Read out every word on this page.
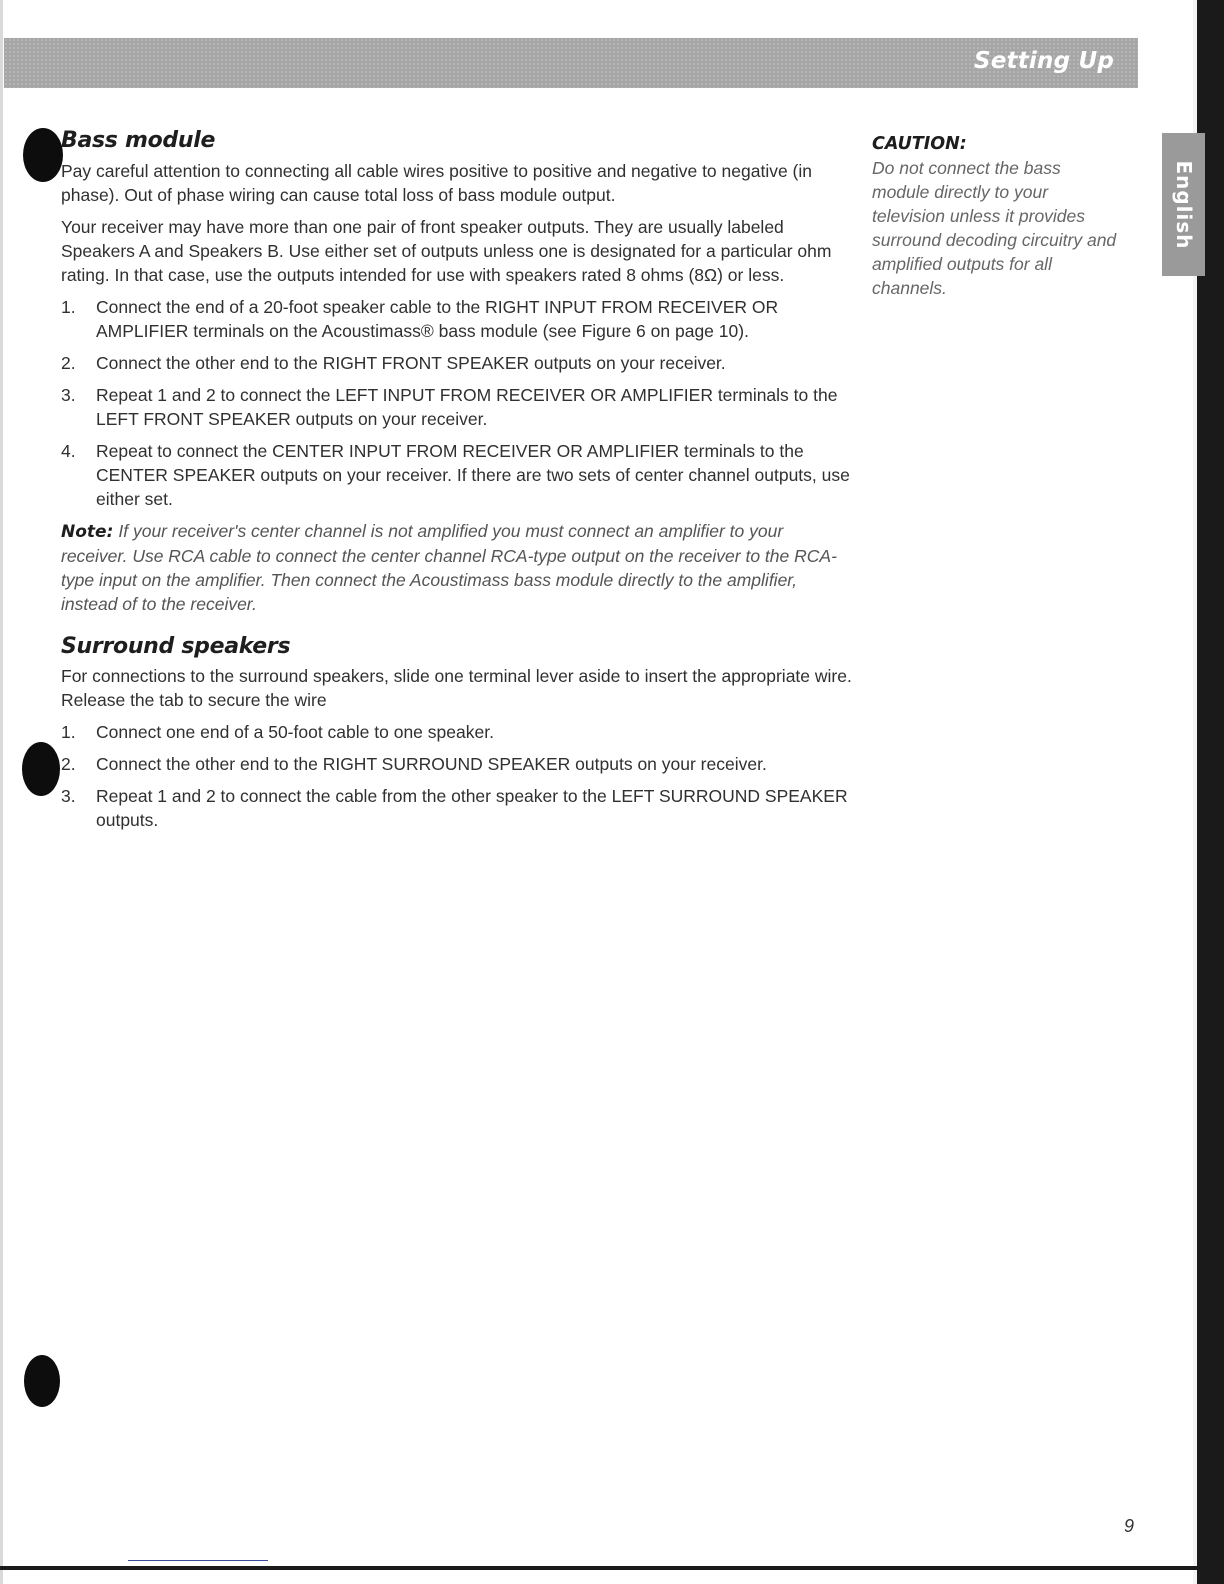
Setting Up
English
Bass module

Pay careful attention to connecting all cable wires positive to positive and negative to negative (in phase). Out of phase wiring can cause total loss of bass module output.

Your receiver may have more than one pair of front speaker outputs. They are usually labeled Speakers A and Speakers B. Use either set of outputs unless one is designated for a particular ohm rating. In that case, use the outputs intended for use with speakers rated 8 ohms (8Ω) or less.

1. Connect the end of a 20-foot speaker cable to the RIGHT INPUT FROM RECEIVER OR AMPLIFIER terminals on the Acoustimass® bass module (see Figure 6 on page 10).
2. Connect the other end to the RIGHT FRONT SPEAKER outputs on your receiver.
3. Repeat 1 and 2 to connect the LEFT INPUT FROM RECEIVER OR AMPLIFIER terminals to the LEFT FRONT SPEAKER outputs on your receiver.
4. Repeat to connect the CENTER INPUT FROM RECEIVER OR AMPLIFIER terminals to the CENTER SPEAKER outputs on your receiver. If there are two sets of center channel outputs, use either set.

Note: If your receiver's center channel is not amplified you must connect an amplifier to your receiver. Use RCA cable to connect the center channel RCA-type output on the receiver to the RCA-type input on the amplifier. Then connect the Acoustimass bass module directly to the amplifier, instead of to the receiver.

Surround speakers

For connections to the surround speakers, slide one terminal lever aside to insert the appropriate wire. Release the tab to secure the wire

1. Connect one end of a 50-foot cable to one speaker.
2. Connect the other end to the RIGHT SURROUND SPEAKER outputs on your receiver.
3. Repeat 1 and 2 to connect the cable from the other speaker to the LEFT SURROUND SPEAKER outputs.
CAUTION:

Do not connect the bass module directly to your television unless it provides surround decoding circuitry and amplified outputs for all channels.

9
